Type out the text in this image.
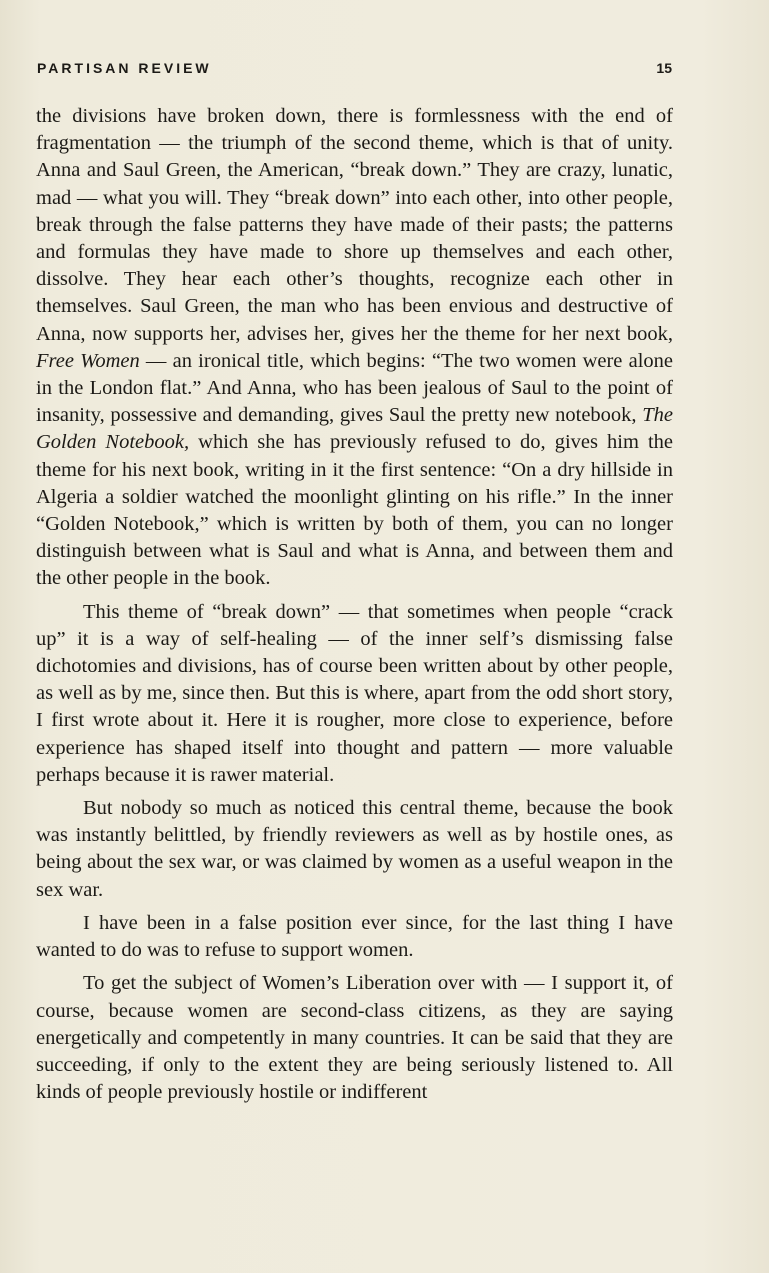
PARTISAN REVIEW	15

the divisions have broken down, there is formlessness with the end of fragmentation — the triumph of the second theme, which is that of unity. Anna and Saul Green, the American, “break down.” They are crazy, lunatic, mad — what you will. They “break down” into each other, into other people, break through the false patterns they have made of their pasts; the patterns and formulas they have made to shore up themselves and each other, dissolve. They hear each other’s thoughts, recognize each other in themselves. Saul Green, the man who has been envious and destructive of Anna, now supports her, advises her, gives her the theme for her next book, Free Women — an ironical title, which begins: “The two women were alone in the London flat.” And Anna, who has been jealous of Saul to the point of insanity, possessive and demanding, gives Saul the pretty new notebook, The Golden Notebook, which she has previously refused to do, gives him the theme for his next book, writing in it the first sentence: “On a dry hillside in Algeria a soldier watched the moonlight glinting on his rifle.” In the inner “Golden Notebook,” which is written by both of them, you can no longer distinguish between what is Saul and what is Anna, and between them and the other people in the book.

This theme of “break down” — that sometimes when people “crack up” it is a way of self-healing — of the inner self’s dismissing false dichotomies and divisions, has of course been written about by other people, as well as by me, since then. But this is where, apart from the odd short story, I first wrote about it. Here it is rougher, more close to experience, before experience has shaped itself into thought and pattern — more valuable perhaps because it is rawer material.

But nobody so much as noticed this central theme, because the book was instantly belittled, by friendly reviewers as well as by hostile ones, as being about the sex war, or was claimed by women as a useful weapon in the sex war.

I have been in a false position ever since, for the last thing I have wanted to do was to refuse to support women.

To get the subject of Women’s Liberation over with — I support it, of course, because women are second-class citizens, as they are saying energetically and competently in many countries. It can be said that they are succeeding, if only to the extent they are being seriously listened to. All kinds of people previously hostile or indifferent
